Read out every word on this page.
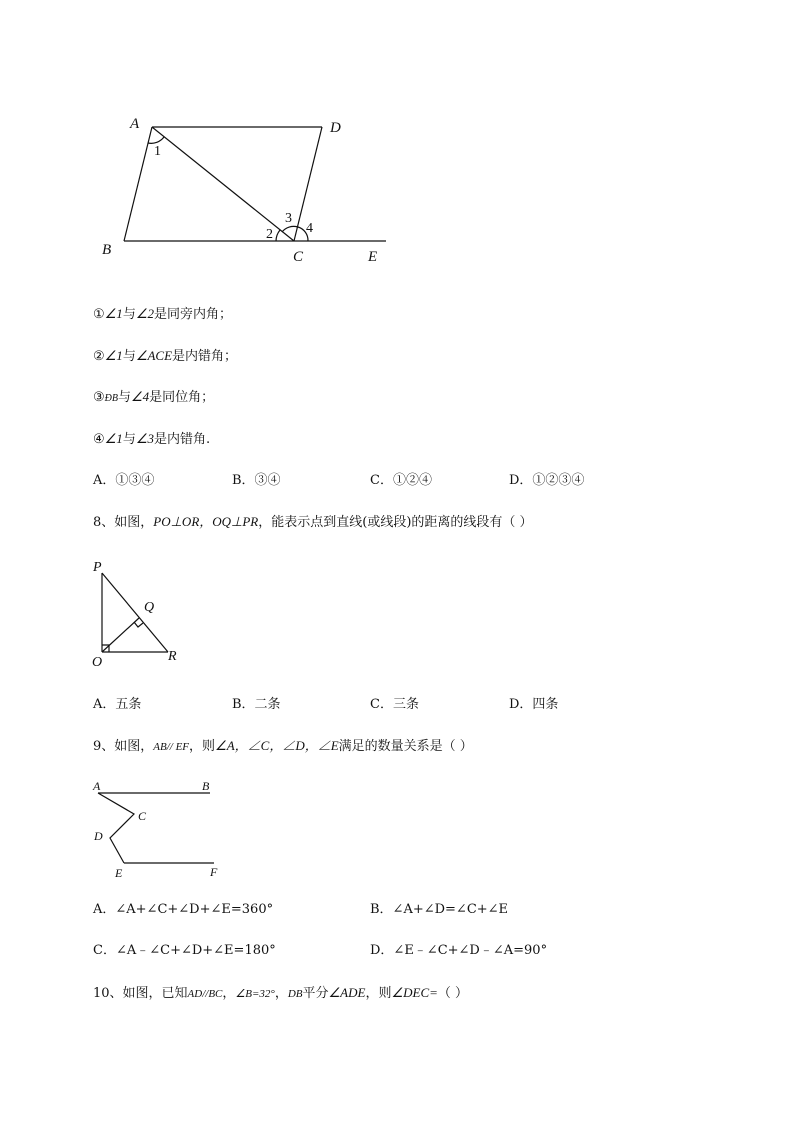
A	D
B	C	E
1
2
3
4
①∠1与∠2是同旁内角；
②∠1与∠ACE是内错角；
③ÐB与∠4是同位角；
④∠1与∠3是内错角.
A．①③④	B．③④	C．①②④	D．①②③④
8、如图，PO⊥OR，OQ⊥PR，能表示点到直线(或线段)的距离的线段有（ ）
P
Q
O	R
A．五条	B．二条	C．三条	D．四条
9、如图，AB// EF，则∠A，∠C，∠D，∠E满足的数量关系是（ ）
A	B
C
D
E	F
A．∠A+∠C+∠D+∠E=360°	B．∠A+∠D=∠C+∠E
C．∠A﹣∠C+∠D+∠E=180°	D．∠E﹣∠C+∠D﹣∠A=90°
10、如图，已知AD//BC，∠B=32°，DB平分∠ADE，则∠DEC=（ ）
